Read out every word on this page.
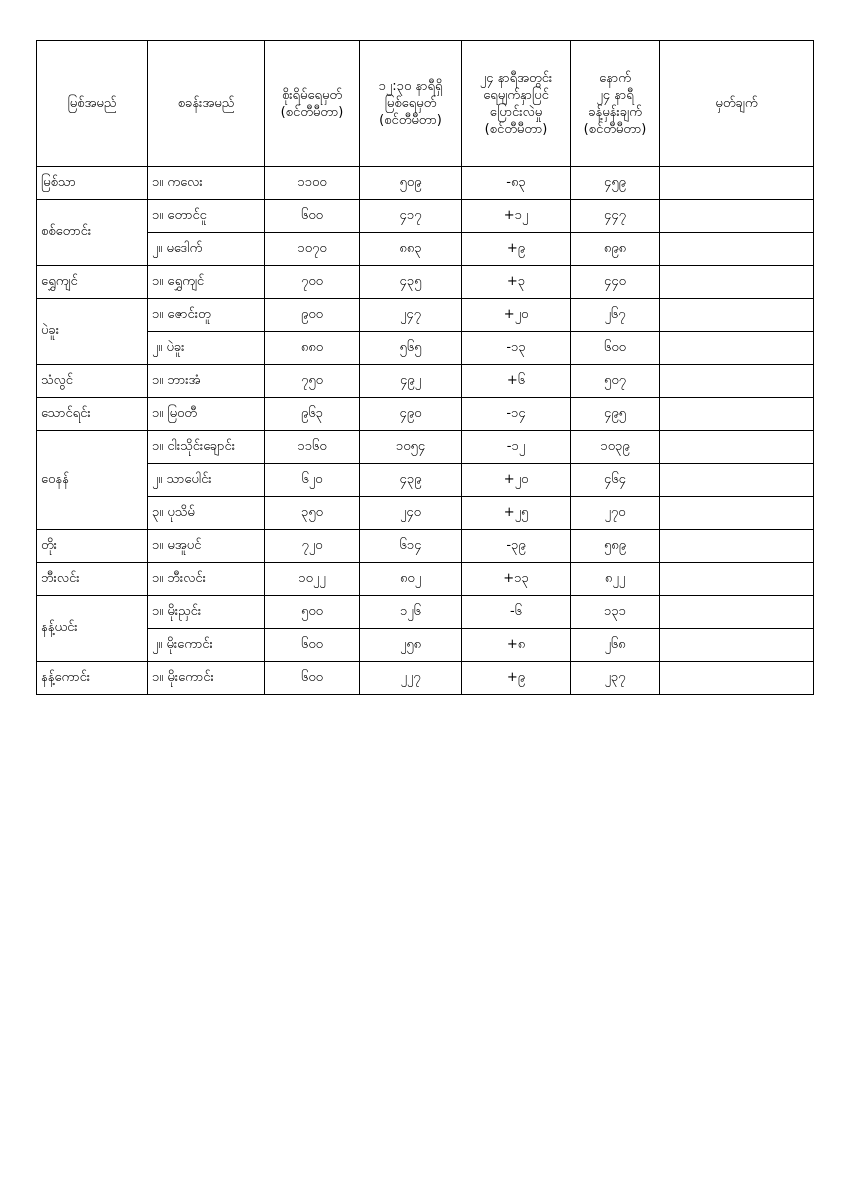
မြစ်အမည်	စခန်းအမည်	စိုးရိမ်ရေမှတ်
(စင်တီမီတာ)	၁၂:၃၀ နာရီရှိ
မြစ်ရေမှတ်
(စင်တီမီတာ)	၂၄ နာရီအတွင်း
ရေမျက်နှာပြင်
ပြောင်းလဲမှု
(စင်တီမီတာ)	နောက်
၂၄ နာရီ
ခန့်မှန်းချက်
(စင်တီမီတာ)	မှတ်ချက်
မြစ်သာ	၁။ ကလေး	၁၁၀၀	၅၀၉	-၈၃	၄၅၉	
စစ်တောင်း	၁။ တောင်ငူ	၆၀၀	၄၁၇	+၁၂	၄၄၇	
	၂။ မဒေါက်	၁၀၇၀	၈၈၃	+၉	၈၉၈	
ရွှေကျင်	၁။ ရွှေကျင်	၇၀၀	၄၃၅	+၃	၄၄၀	
ပဲခူး	၁။ ဇောင်းတူ	၉၀၀	၂၄၇	+၂၀	၂၆၇	
	၂။ ပဲခူး	၈၈၀	၅၆၅	-၁၃	၆၀၀	
သံလွင်	၁။ ဘားအံ	၇၅၀	၄၉၂	+၆	၅၀၇	
သောင်ရင်း	၁။ မြဝတီ	၉၆၃	၄၉၀	-၁၄	၄၉၅	
ဝေနန်	၁။ ငါးသိုင်းချောင်း	၁၁၆၀	၁၀၅၄	-၁၂	၁၀၃၉	
	၂။ သာပေါင်း	၆၂၀	၄၃၉	+၂၀	၄၆၄	
	၃။ ပုသိမ်	၃၅၀	၂၄၀	+၂၅	၂၇၀	
တိုး	၁။ မအူပင်	၇၂၀	၆၁၄	-၃၉	၅၈၉	
ဘီးလင်း	၁။ ဘီးလင်း	၁၀၂၂	၈၀၂	+၁၃	၈၂၂	
နန့်ယင်း	၁။ မိုးညှင်း	၅၀၀	၁၂၆	-၆	၁၃၁	
	၂။ မိုးကောင်း	၆၀၀	၂၅၈	+၈	၂၆၈	
နန့်ကောင်း	၁။ မိုးကောင်း	၆၀၀	၂၂၇	+၉	၂၃၇	
